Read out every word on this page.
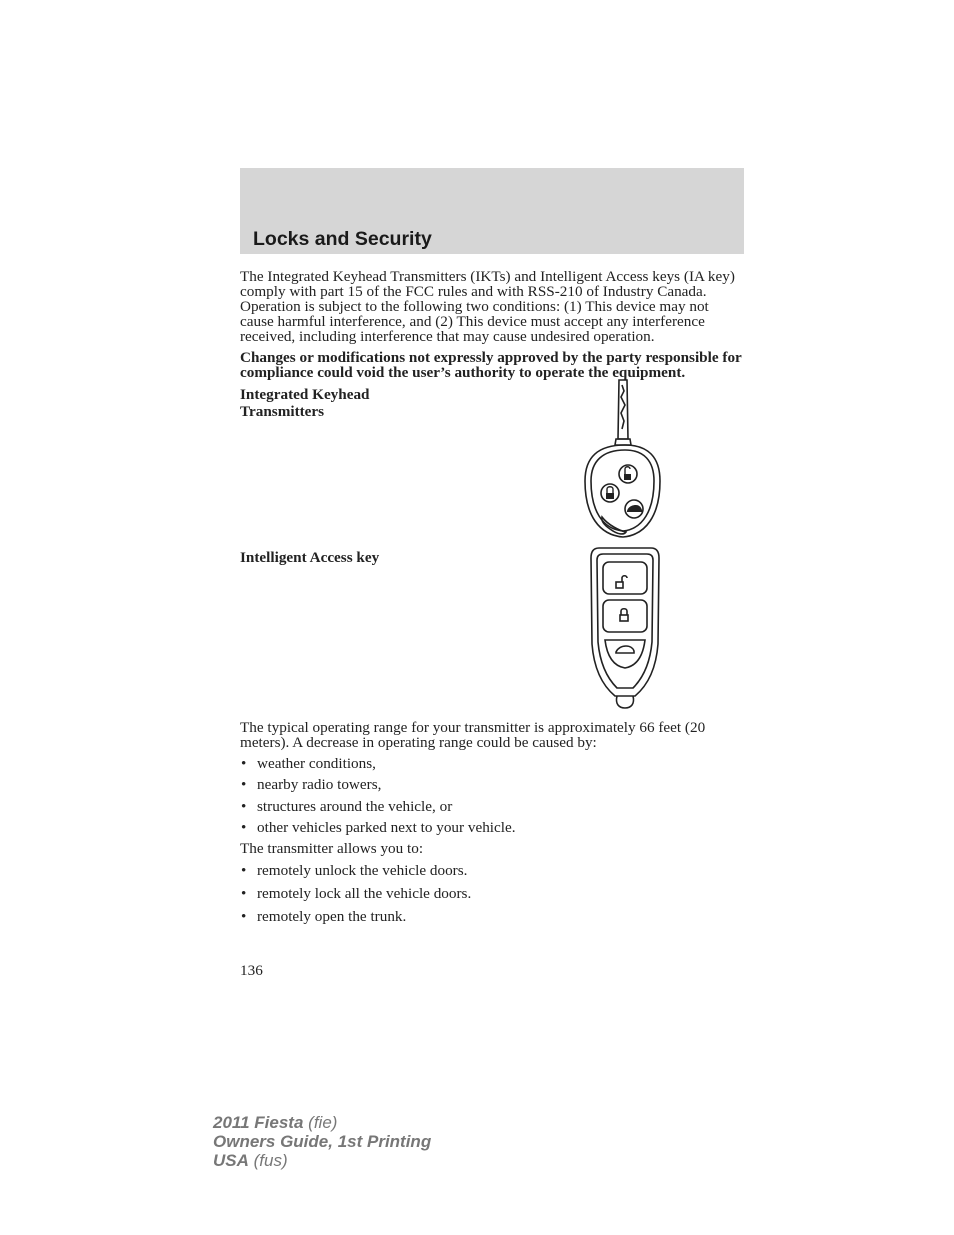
Locks and Security

The Integrated Keyhead Transmitters (IKTs) and Intelligent Access keys (IA key) comply with part 15 of the FCC rules and with RSS-210 of Industry Canada. Operation is subject to the following two conditions: (1) This device may not cause harmful interference, and (2) This device must accept any interference received, including interference that may cause undesired operation.

Changes or modifications not expressly approved by the party responsible for compliance could void the user’s authority to operate the equipment.

Integrated Keyhead Transmitters
Intelligent Access key

The typical operating range for your transmitter is approximately 66 feet (20 meters). A decrease in operating range could be caused by:

• weather conditions,
• nearby radio towers,
• structures around the vehicle, or
• other vehicles parked next to your vehicle.

The transmitter allows you to:

• remotely unlock the vehicle doors.
• remotely lock all the vehicle doors.
• remotely open the trunk.
136
2011 Fiesta (fie)
Owners Guide, 1st Printing
USA (fus)
